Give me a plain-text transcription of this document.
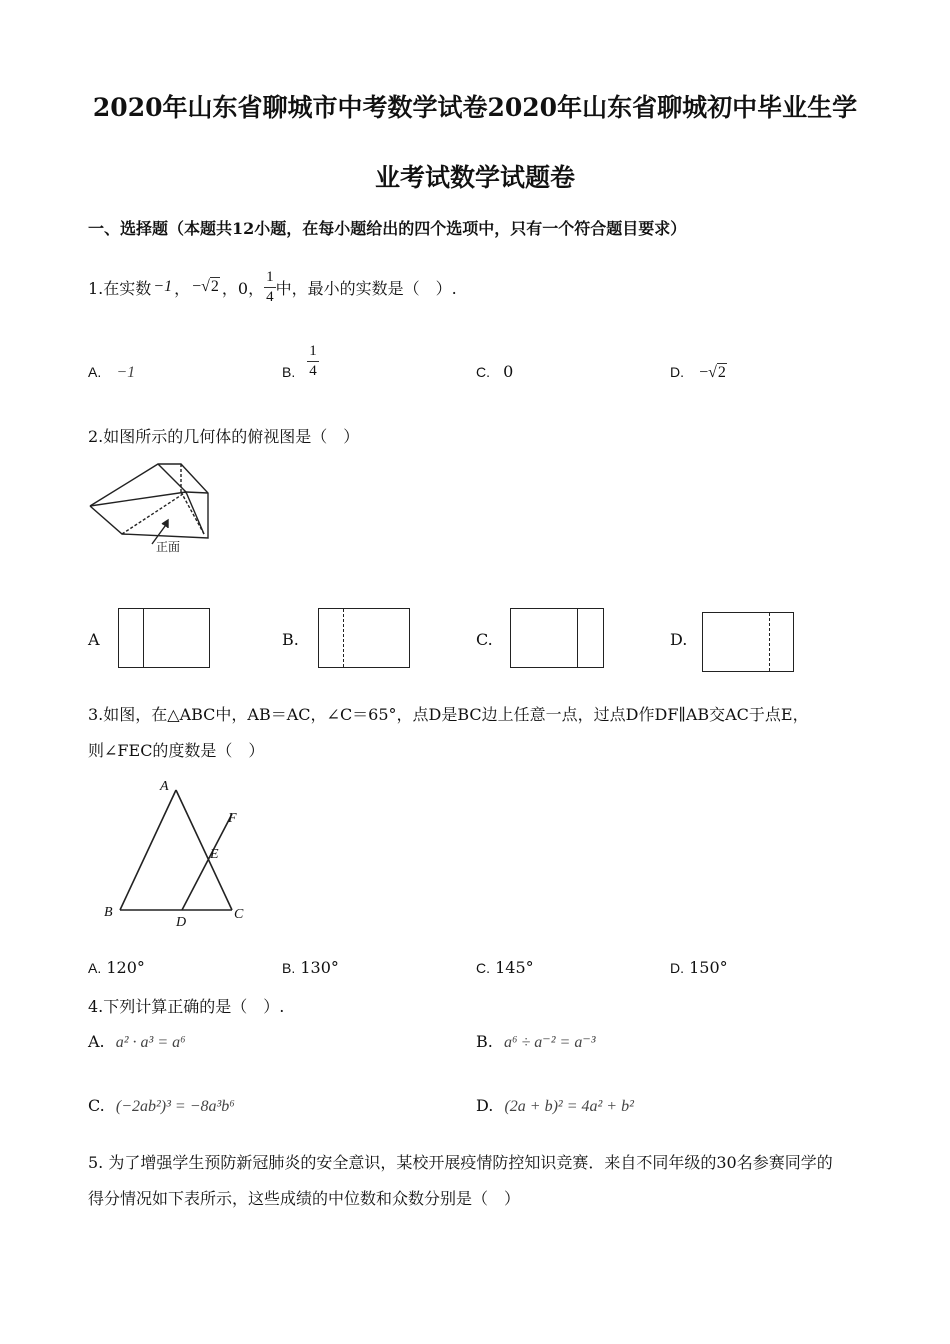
2020年山东省聊城市中考数学试卷2020年山东省聊城初中毕业生学
业考试数学试题卷
一、选择题（本题共12小题，在每小题给出的四个选项中，只有一个符合题目要求）
1.在实数 −1 ， −√2 ，0， $\frac{1}{4}$ 中，最小的实数是（　）.
A. −1	B. $\frac{1}{4}$	C. 0	D. −√2
2.如图所示的几何体的俯视图是（　）
正面
A	B.	C.	D.
3.如图，在△ABC中，AB＝AC，∠C＝65°，点D是BC边上任意一点，过点D作DF∥AB交AC于点E，
则∠FEC的度数是（　）
A
B	C
D
E
F
A. 120°	B. 130°	C. 145°	D. 150°
4.下列计算正确的是（　）.
A. a² · a³ = a⁶	B. a⁶ ÷ a⁻² = a⁻³
C. (−2ab²)³ = −8a³b⁶	D. (2a + b)² = 4a² + b²
5. 为了增强学生预防新冠肺炎的安全意识，某校开展疫情防控知识竞赛．来自不同年级的30名参赛同学的
得分情况如下表所示，这些成绩的中位数和众数分别是（　）
